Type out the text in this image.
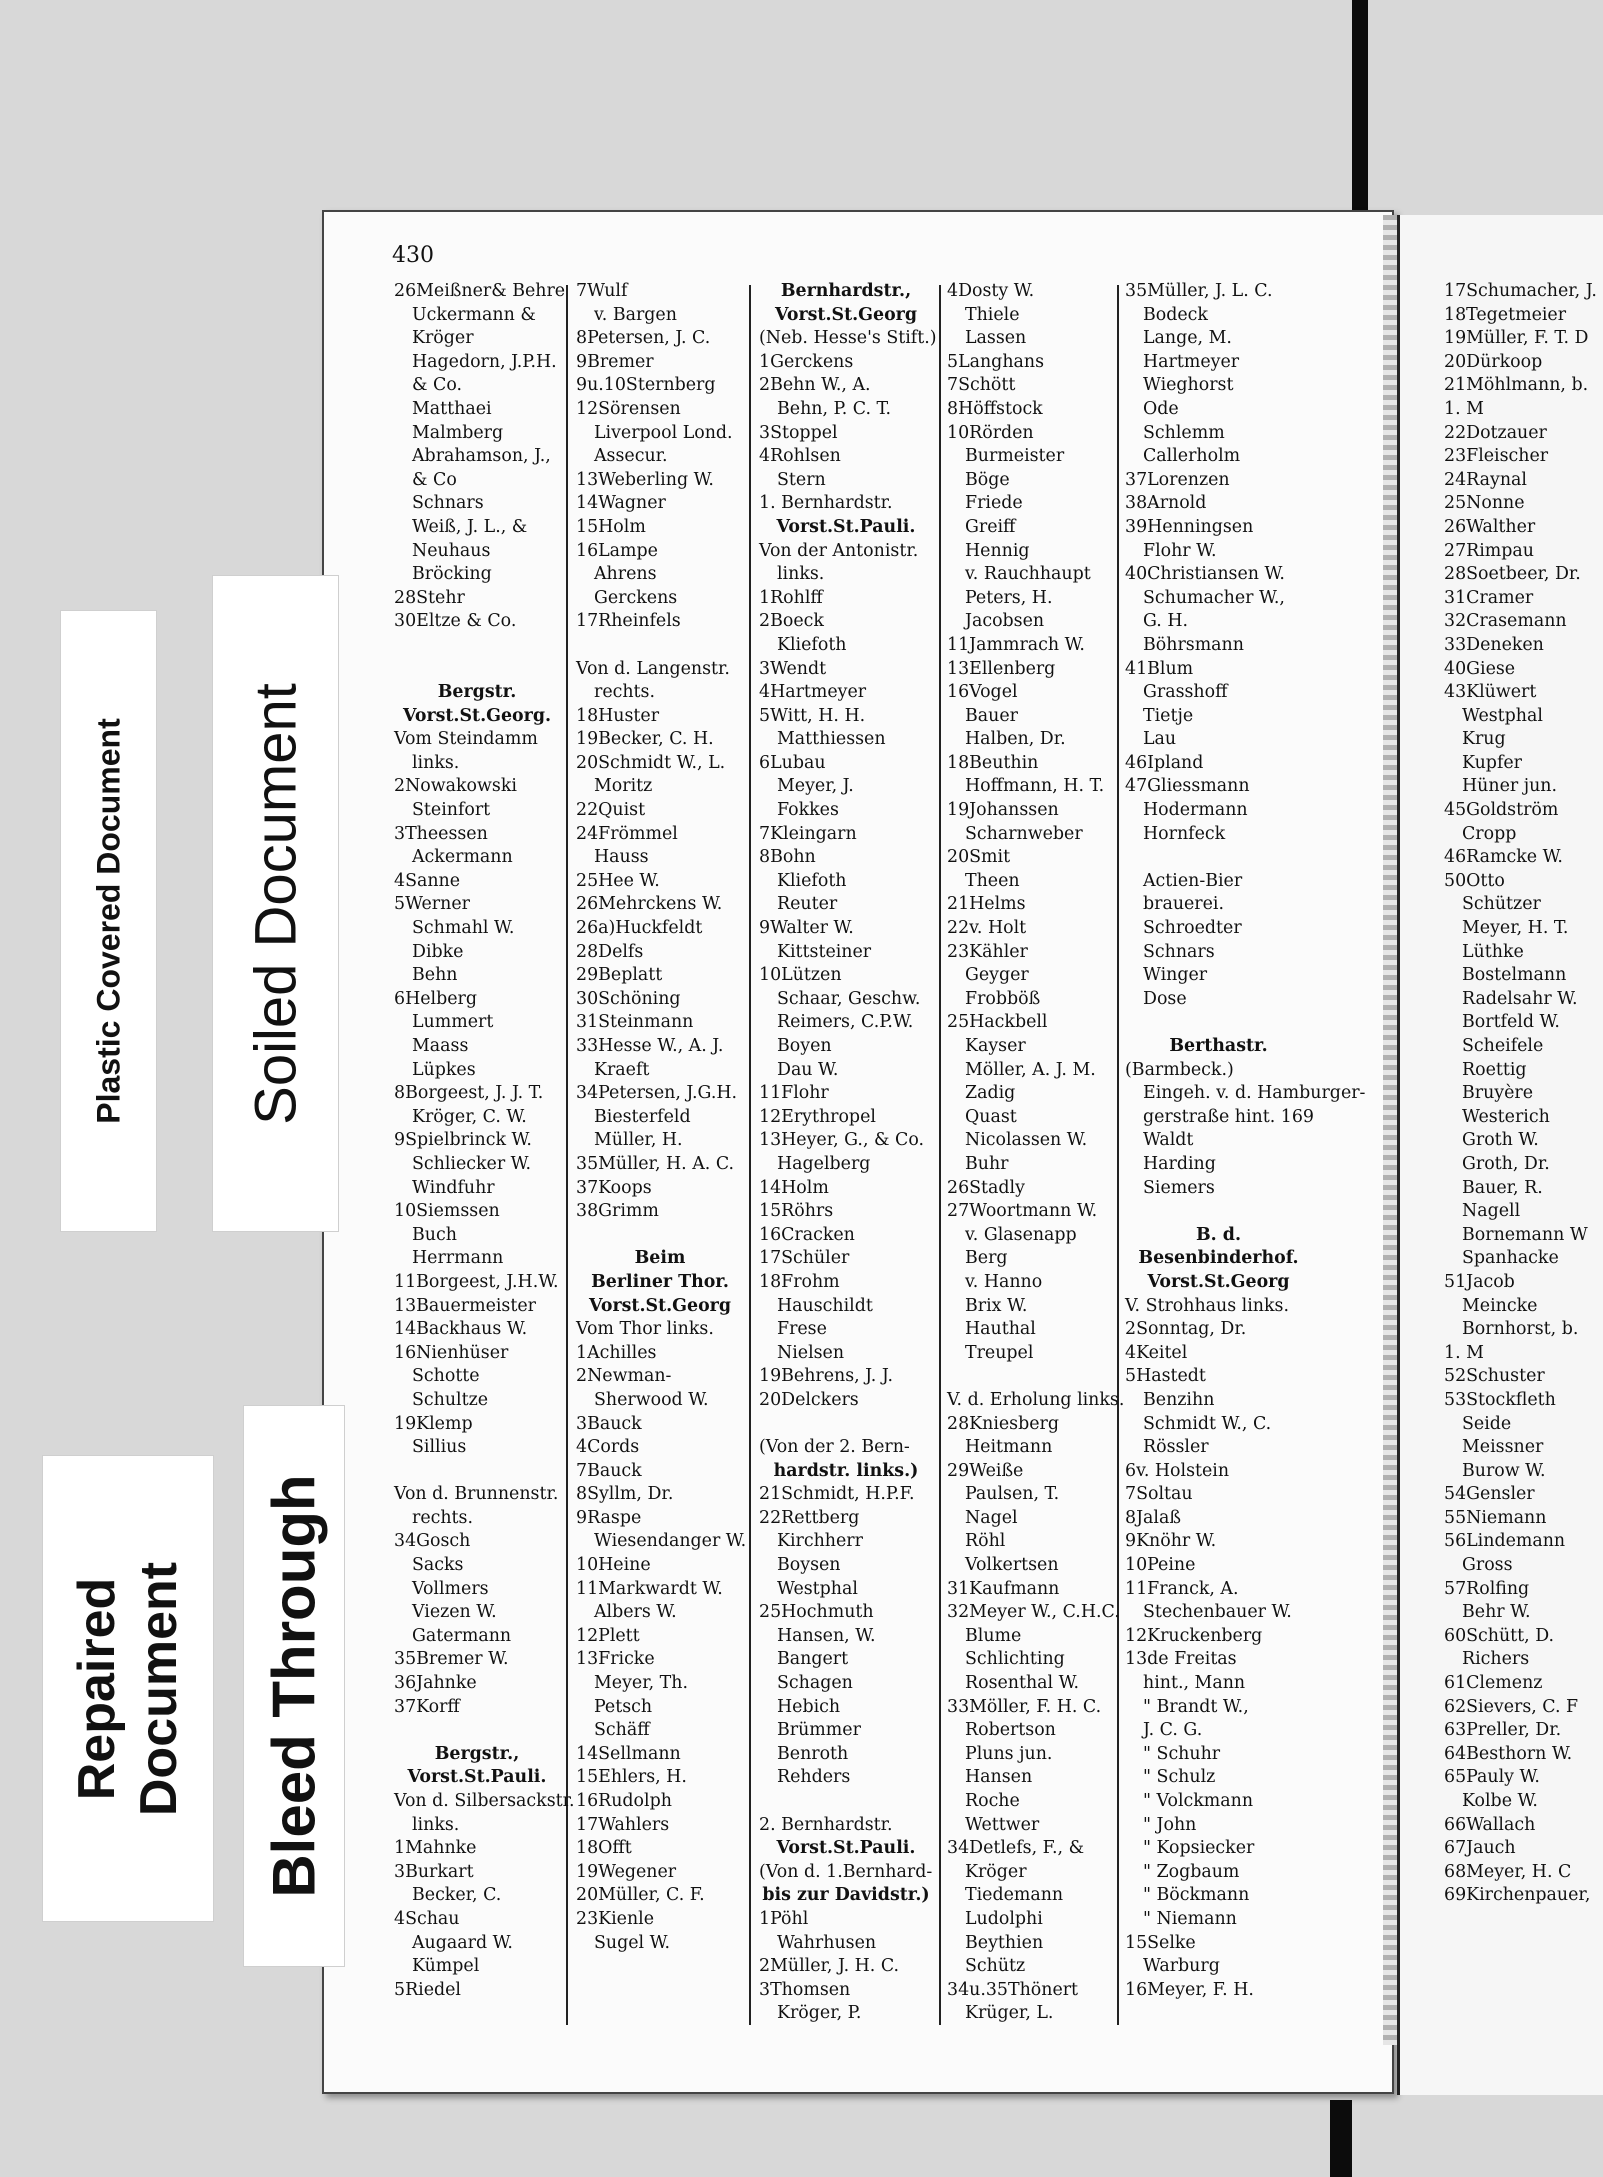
430
26Meißner& Behre
Uckermann &
Kröger
Hagedorn, J.P.H.
& Co.
Matthaei
Malmberg
Abrahamson, J.,
& Co
Schnars
Weiß, J. L., &
Neuhaus
Bröcking
28Stehr
30Eltze & Co.
Bergstr.
Vorst.St.Georg.
Vom Steindamm
links.
2Nowakowski
Steinfort
3Theessen
Ackermann
4Sanne
5Werner
Schmahl W.
Dibke
Behn
6Helberg
Lummert
Maass
Lüpkes
8Borgeest, J. J. T.
Kröger, C. W.
9Spielbrinck W.
Schliecker W.
Windfuhr
10Siemssen
Buch
Herrmann
11Borgeest, J.H.W.
13Bauermeister
14Backhaus W.
16Nienhüser
Schotte
Schultze
19Klemp
Sillius
Von d. Brunnenstr.
rechts.
34Gosch
Sacks
Vollmers
Viezen W.
Gatermann
35Bremer W.
36Jahnke
37Korff
Bergstr.,
Vorst.St.Pauli.
Von d. Silbersackstr.
links.
1Mahnke
3Burkart
Becker, C.
4Schau
Augaard W.
Kümpel
5Riedel
7Wulf
v. Bargen
8Petersen, J. C.
9Bremer
9u.10Sternberg
12Sörensen
Liverpool Lond.
Assecur.
13Weberling W.
14Wagner
15Holm
16Lampe
Ahrens
Gerckens
17Rheinfels
Von d. Langenstr.
rechts.
18Huster
19Becker, C. H.
20Schmidt W., L.
Moritz
22Quist
24Frömmel
Hauss
25Hee W.
26Mehrckens W.
26a)Huckfeldt
28Delfs
29Beplatt
30Schöning
31Steinmann
33Hesse W., A. J.
Kraeft
34Petersen, J.G.H.
Biesterfeld
Müller, H.
35Müller, H. A. C.
37Koops
38Grimm
Beim
Berliner Thor.
Vorst.St.Georg
Vom Thor links.
1Achilles
2Newman-
Sherwood W.
3Bauck
4Cords
7Bauck
8Syllm, Dr.
9Raspe
Wiesendanger W.
10Heine
11Markwardt W.
Albers W.
12Plett
13Fricke
Meyer, Th.
Petsch
Schäff
14Sellmann
15Ehlers, H.
16Rudolph
17Wahlers
18Offt
19Wegener
20Müller, C. F.
23Kienle
Sugel W.
Bernhardstr.,
Vorst.St.Georg
(Neb. Hesse's Stift.)
1Gerckens
2Behn W., A.
Behn, P. C. T.
3Stoppel
4Rohlsen
Stern
1. Bernhardstr.
Vorst.St.Pauli.
Von der Antonistr.
links.
1Rohlff
2Boeck
Kliefoth
3Wendt
4Hartmeyer
5Witt, H. H.
Matthiessen
6Lubau
Meyer, J.
Fokkes
7Kleingarn
8Bohn
Kliefoth
Reuter
9Walter W.
Kittsteiner
10Lützen
Schaar, Geschw.
Reimers, C.P.W.
Boyen
Dau W.
11Flohr
12Erythropel
13Heyer, G., & Co.
Hagelberg
14Holm
15Röhrs
16Cracken
17Schüler
18Frohm
Hauschildt
Frese
Nielsen
19Behrens, J. J.
20Delckers
(Von der 2. Bern-
hardstr. links.)
21Schmidt, H.P.F.
22Rettberg
Kirchherr
Boysen
Westphal
25Hochmuth
Hansen, W.
Bangert
Schagen
Hebich
Brümmer
Benroth
Rehders
2. Bernhardstr.
Vorst.St.Pauli.
(Von d. 1.Bernhard-
bis zur Davidstr.)
1Pöhl
Wahrhusen
2Müller, J. H. C.
3Thomsen
Kröger, P.
4Dosty W.
Thiele
Lassen
5Langhans
7Schött
8Höffstock
10Rörden
Burmeister
Böge
Friede
Greiff
Hennig
v. Rauchhaupt
Peters, H.
Jacobsen
11Jammrach W.
13Ellenberg
16Vogel
Bauer
Halben, Dr.
18Beuthin
Hoffmann, H. T.
19Johanssen
Scharnweber
20Smit
Theen
21Helms
22v. Holt
23Kähler
Geyger
Frobböß
25Hackbell
Kayser
Möller, A. J. M.
Zadig
Quast
Nicolassen W.
Buhr
26Stadly
27Woortmann W.
v. Glasenapp
Berg
v. Hanno
Brix W.
Hauthal
Treupel
V. d. Erholung links.
28Kniesberg
Heitmann
29Weiße
Paulsen, T.
Nagel
Röhl
Volkertsen
31Kaufmann
32Meyer W., C.H.C.
Blume
Schlichting
Rosenthal W.
33Möller, F. H. C.
Robertson
Pluns jun.
Hansen
Roche
Wettwer
34Detlefs, F., &
Kröger
Tiedemann
Ludolphi
Beythien
Schütz
34u.35Thönert
Krüger, L.
35Müller, J. L. C.
Bodeck
Lange, M.
Hartmeyer
Wieghorst
Ode
Schlemm
Callerholm
37Lorenzen
38Arnold
39Henningsen
Flohr W.
40Christiansen W.
Schumacher W.,
G. H.
Böhrsmann
41Blum
Grasshoff
Tietje
Lau
46Ipland
47Gliessmann
Hodermann
Hornfeck
Actien-Bier
brauerei.
Schroedter
Schnars
Winger
Dose
Berthastr.
(Barmbeck.)
Eingeh. v. d. Hamburger-
gerstraße hint. 169
Waldt
Harding
Siemers
B. d.
Besenbinderhof.
Vorst.St.Georg
V. Strohhaus links.
2Sonntag, Dr.
4Keitel
5Hastedt
Benzihn
Schmidt W., C.
Rössler
6v. Holstein
7Soltau
8Jalaß
9Knöhr W.
10Peine
11Franck, A.
Stechenbauer W.
12Kruckenberg
13de Freitas
hint., Mann
" Brandt W.,
J. C. G.
" Schuhr
" Schulz
" Volckmann
" John
" Kopsiecker
" Zogbaum
" Böckmann
" Niemann
15Selke
Warburg
16Meyer, F. H.
17Schumacher, J.
18Tegetmeier
19Müller, F. T. D
20Dürkoop
21Möhlmann, b.
1. M
22Dotzauer
23Fleischer
24Raynal
25Nonne
26Walther
27Rimpau
28Soetbeer, Dr.
31Cramer
32Crasemann
33Deneken
40Giese
43Klüwert
Westphal
Krug
Kupfer
Hüner jun.
45Goldström
Cropp
46Ramcke W.
50Otto
Schützer
Meyer, H. T.
Lüthke
Bostelmann
Radelsahr W.
Bortfeld W.
Scheifele
Roettig
Bruyère
Westerich
Groth W.
Groth, Dr.
Bauer, R.
Nagell
Bornemann W
Spanhacke
51Jacob
Meincke
Bornhorst, b.
1. M
52Schuster
53Stockfleth
Seide
Meissner
Burow W.
54Gensler
55Niemann
56Lindemann
Gross
57Rolfing
Behr W.
60Schütt, D.
Richers
61Clemenz
62Sievers, C. F
63Preller, Dr.
64Besthorn W.
65Pauly W.
Kolbe W.
66Wallach
67Jauch
68Meyer, H. C
69Kirchenpauer,
Plastic Covered Document Soiled Document
Repaired
Document Bleed Through
